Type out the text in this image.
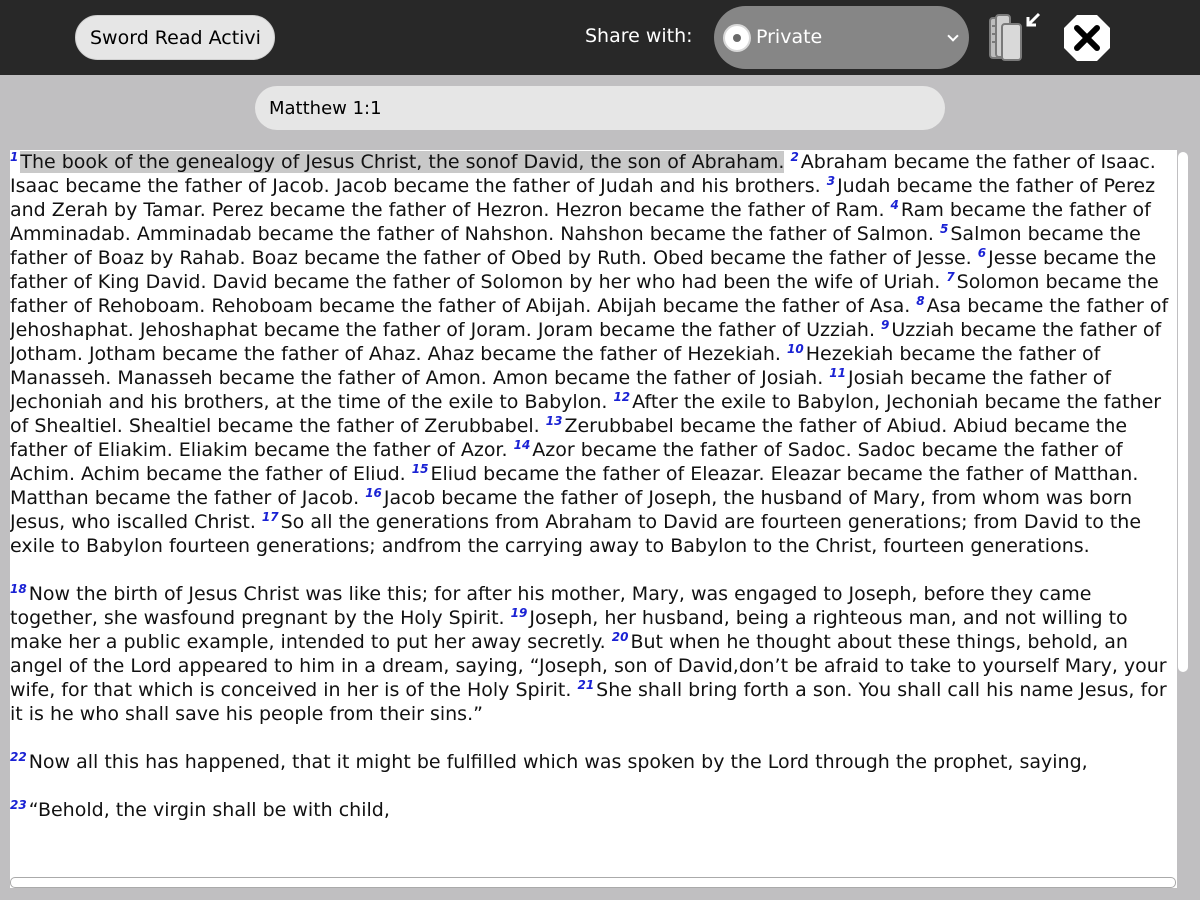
Sword Read Activity
Share with:	Private
Matthew 1:1
$^1$ The book of the genealogy of Jesus Christ, the sonof David, the son of Abraham. $^2$ Abraham became the father of Isaac. Isaac became the father of Jacob. Jacob became the father of Judah and his brothers. $^3$ Judah became the father of Perez and Zerah by Tamar. Perez became the father of Hezron. Hezron became the father of Ram. $^4$ Ram became the father of Amminadab. Amminadab became the father of Nahshon. Nahshon became the father of Salmon. $^5$ Salmon became the father of Boaz by Rahab. Boaz became the father of Obed by Ruth. Obed became the father of Jesse. $^6$ Jesse became the father of King David. David became the father of Solomon by her who had been the wife of Uriah. $^7$ Solomon became the father of Rehoboam. Rehoboam became the father of Abijah. Abijah became the father of Asa. $^8$ Asa became the father of Jehoshaphat. Jehoshaphat became the father of Joram. Joram became the father of Uzziah. $^9$ Uzziah became the father of Jotham. Jotham became the father of Ahaz. Ahaz became the father of Hezekiah. $^{10}$ Hezekiah became the father of Manasseh. Manasseh became the father of Amon. Amon became the father of Josiah. $^{11}$ Josiah became the father of Jechoniah and his brothers, at the time of the exile to Babylon. $^{12}$ After the exile to Babylon, Jechoniah became the father of Shealtiel. Shealtiel became the father of Zerubbabel. $^{13}$ Zerubbabel became the father of Abiud. Abiud became the father of Eliakim. Eliakim became the father of Azor. $^{14}$ Azor became the father of Sadoc. Sadoc became the father of Achim. Achim became the father of Eliud. $^{15}$ Eliud became the father of Eleazar. Eleazar became the father of Matthan. Matthan became the father of Jacob. $^{16}$ Jacob became the father of Joseph, the husband of Mary, from whom was born Jesus, who iscalled Christ. $^{17}$ So all the generations from Abraham to David are fourteen generations; from David to the exile to Babylon fourteen generations; andfrom the carrying away to Babylon to the Christ, fourteen generations.
$^{18}$ Now the birth of Jesus Christ was like this; for after his mother, Mary, was engaged to Joseph, before they came together, she wasfound pregnant by the Holy Spirit. $^{19}$ Joseph, her husband, being a righteous man, and not willing to make her a public example, intended to put her away secretly. $^{20}$ But when he thought about these things, behold, an angel of the Lord appeared to him in a dream, saying, “Joseph, son of David,don’t be afraid to take to yourself Mary, your wife, for that which is conceived in her is of the Holy Spirit. $^{21}$ She shall bring forth a son. You shall call his name Jesus, for it is he who shall save his people from their sins.”
$^{22}$ Now all this has happened, that it might be fulfilled which was spoken by the Lord through the prophet, saying,
$^{23}$ “Behold, the virgin shall be with child,
